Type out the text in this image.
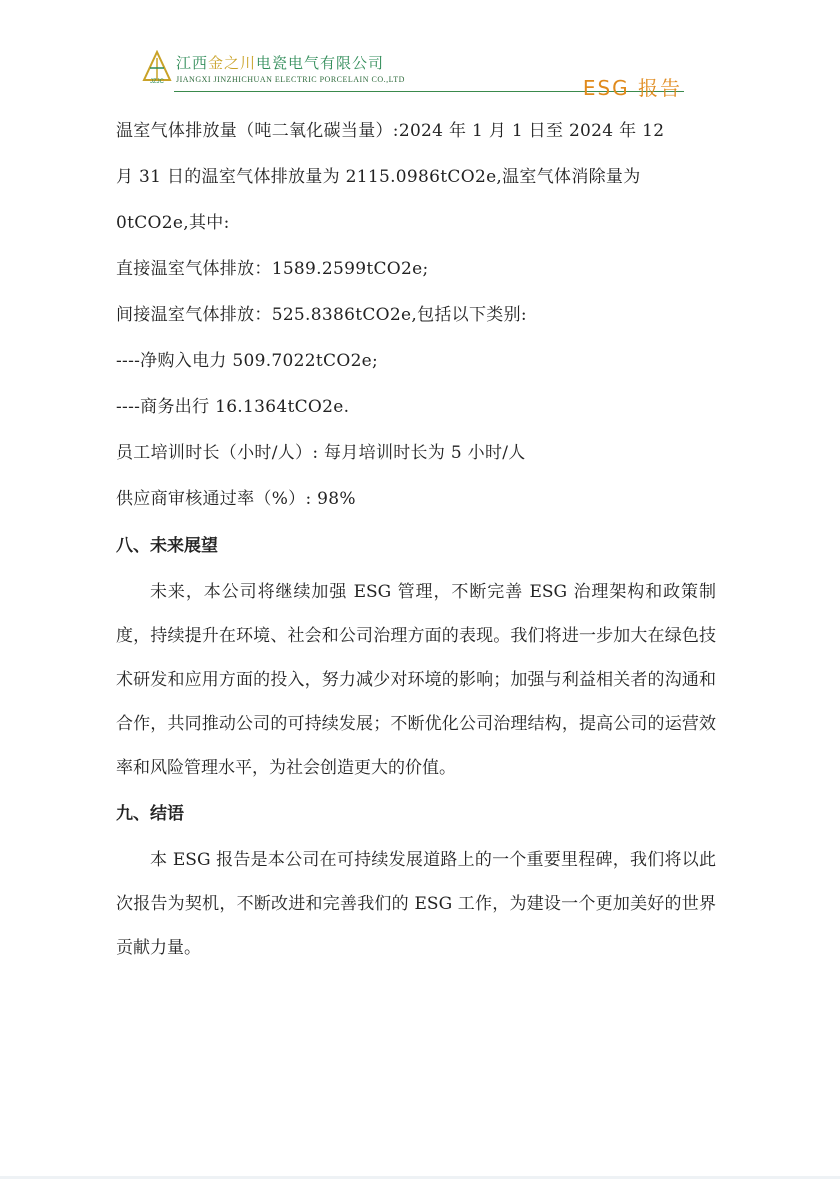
JZJC
江西金之川电瓷电气有限公司
JIANGXI JINZHICHUAN ELECTRIC PORCELAIN CO.,LTD	ESG 报告
温室气体排放量（吨二氧化碳当量）:2024 年 1 月 1 日至 2024 年 12
月 31 日的温室气体排放量为 2115.0986tCO2e,温室气体消除量为
0tCO2e,其中:
直接温室气体排放：1589.2599tCO2e;
间接温室气体排放：525.8386tCO2e,包括以下类别:
----净购入电力 509.7022tCO2e;
----商务出行 16.1364tCO2e.
员工培训时长（小时/人）: 每月培训时长为 5 小时/人
供应商审核通过率（%）: 98%
八、未来展望

未来，本公司将继续加强 ESG 管理，不断完善 ESG 治理架构和政策制度，持续提升在环境、社会和公司治理方面的表现。我们将进一步加大在绿色技术研发和应用方面的投入，努力减少对环境的影响；加强与利益相关者的沟通和合作，共同推动公司的可持续发展；不断优化公司治理结构，提高公司的运营效率和风险管理水平，为社会创造更大的价值。

九、结语

本 ESG 报告是本公司在可持续发展道路上的一个重要里程碑，我们将以此次报告为契机，不断改进和完善我们的 ESG 工作，为建设一个更加美好的世界贡献力量。
